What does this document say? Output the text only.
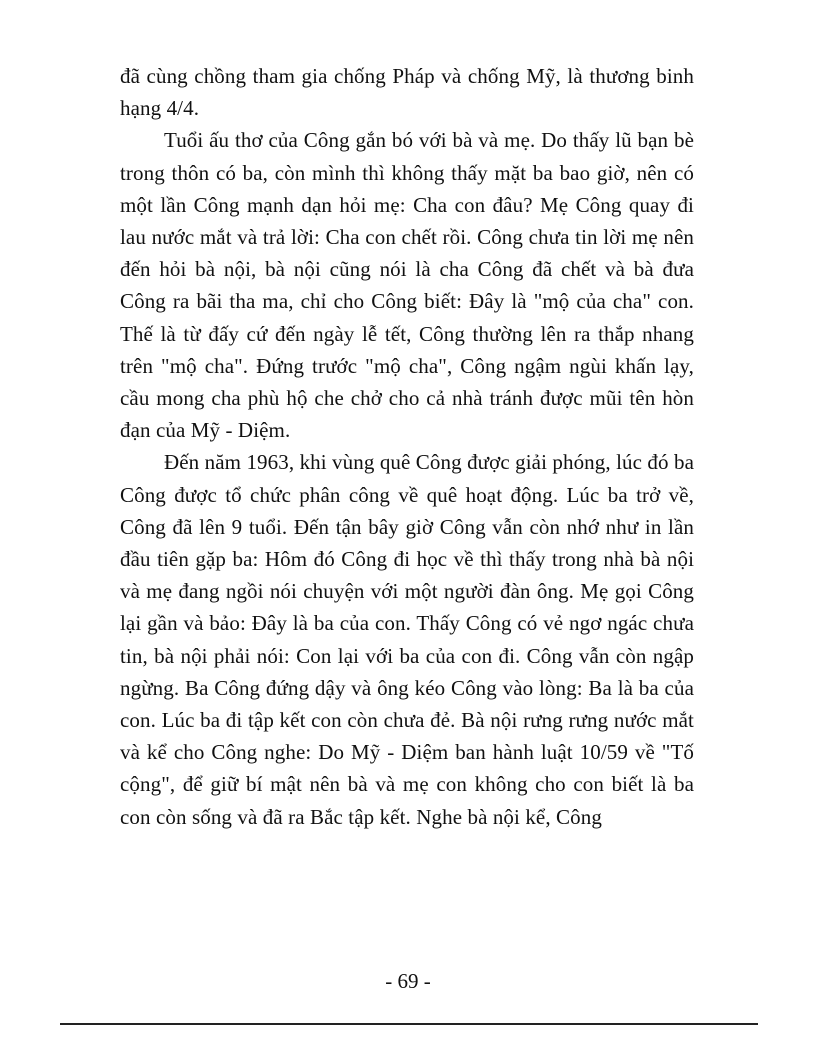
đã cùng chồng tham gia chống Pháp và chống Mỹ, là thương binh hạng 4/4.

Tuổi ấu thơ của Công gắn bó với bà và mẹ. Do thấy lũ bạn bè trong thôn có ba, còn mình thì không thấy mặt ba bao giờ, nên có một lần Công mạnh dạn hỏi mẹ: Cha con đâu? Mẹ Công quay đi lau nước mắt và trả lời: Cha con chết rồi. Công chưa tin lời mẹ nên đến hỏi bà nội, bà nội cũng nói là cha Công đã chết và bà đưa Công ra bãi tha ma, chỉ cho Công biết: Đây là "mộ của cha" con. Thế là từ đấy cứ đến ngày lễ tết, Công thường lên ra thắp nhang trên "mộ cha". Đứng trước "mộ cha", Công ngậm ngùi khấn lạy, cầu mong cha phù hộ che chở cho cả nhà tránh được mũi tên hòn đạn của Mỹ - Diệm.

Đến năm 1963, khi vùng quê Công được giải phóng, lúc đó ba Công được tổ chức phân công về quê hoạt động. Lúc ba trở về, Công đã lên 9 tuổi. Đến tận bây giờ Công vẫn còn nhớ như in lần đầu tiên gặp ba: Hôm đó Công đi học về thì thấy trong nhà bà nội và mẹ đang ngồi nói chuyện với một người đàn ông. Mẹ gọi Công lại gần và bảo: Đây là ba của con. Thấy Công có vẻ ngơ ngác chưa tin, bà nội phải nói: Con lại với ba của con đi. Công vẫn còn ngập ngừng. Ba Công đứng dậy và ông kéo Công vào lòng: Ba là ba của con. Lúc ba đi tập kết con còn chưa đẻ. Bà nội rưng rưng nước mắt và kể cho Công nghe: Do Mỹ - Diệm ban hành luật 10/59 về "Tố cộng", để giữ bí mật nên bà và mẹ con không cho con biết là ba con còn sống và đã ra Bắc tập kết. Nghe bà nội kể, Công

- 69 -
